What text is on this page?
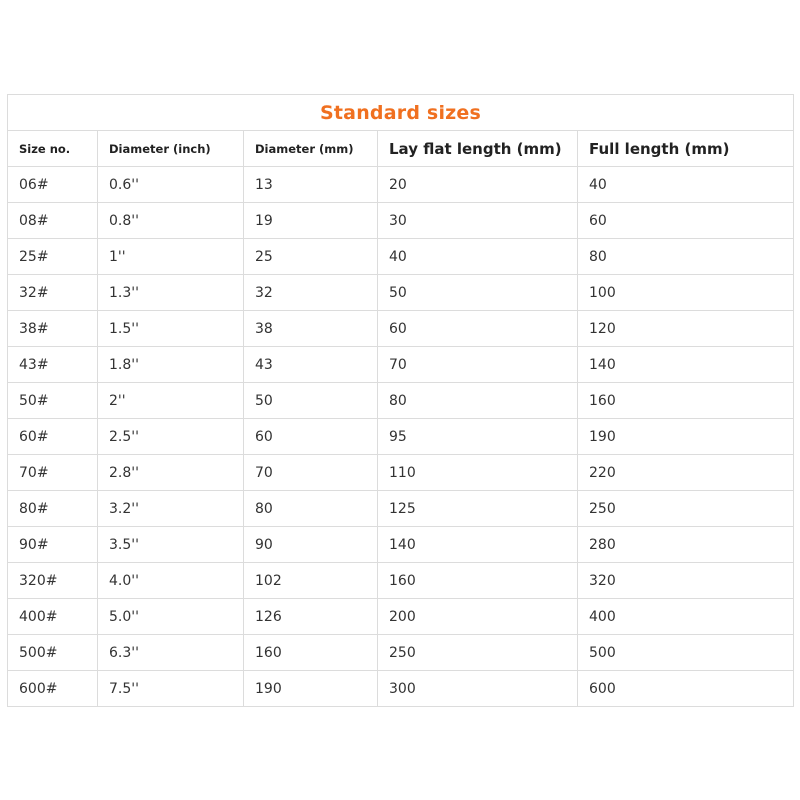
Standard sizes				
Size no.	Diameter (inch)	Diameter (mm)	Lay flat length (mm)	Full length (mm)
06#	0.6''	13	20	40
08#	0.8''	19	30	60
25#	1''	25	40	80
32#	1.3''	32	50	100
38#	1.5''	38	60	120
43#	1.8''	43	70	140
50#	2''	50	80	160
60#	2.5''	60	95	190
70#	2.8''	70	110	220
80#	3.2''	80	125	250
90#	3.5''	90	140	280
320#	4.0''	102	160	320
400#	5.0''	126	200	400
500#	6.3''	160	250	500
600#	7.5''	190	300	600
